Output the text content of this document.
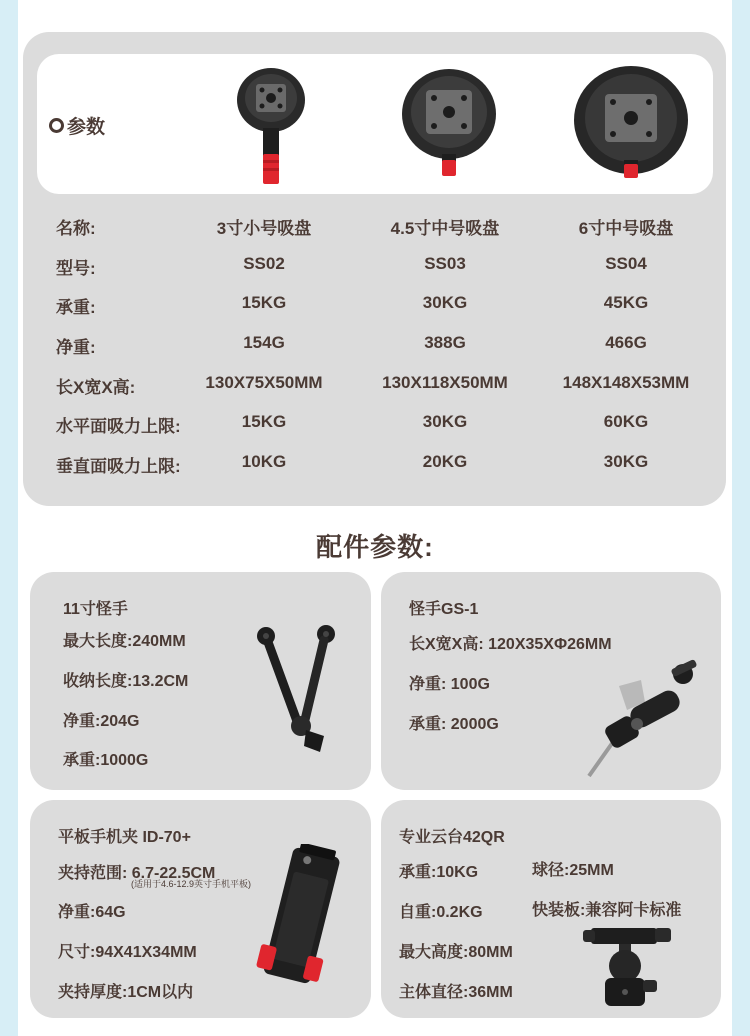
参数
名称:	3寸小号吸盘	4.5寸中号吸盘	6寸中号吸盘
型号:	SS02	SS03	SS04
承重:	15KG	30KG	45KG
净重:	154G	388G	466G
长X宽X高:	130X75X50MM	130X118X50MM	148X148X53MM
水平面吸力上限:	15KG	30KG	60KG
垂直面吸力上限:	10KG	20KG	30KG
配件参数:
11寸怪手
最大长度:240MM
收纳长度:13.2CM
净重:204G
承重:1000G
怪手GS-1
长X宽X高: 120X35XΦ26MM
净重: 100G
承重: 2000G
平板手机夹 ID-70+
夹持范围: 6.7-22.5CM
(适用于4.6-12.9英寸手机平板)
净重:64G
尺寸:94X41X34MM
夹持厚度:1CM以内
专业云台42QR
承重:10KG
自重:0.2KG
最大高度:80MM
主体直径:36MM
球径:25MM
快装板:兼容阿卡标准
